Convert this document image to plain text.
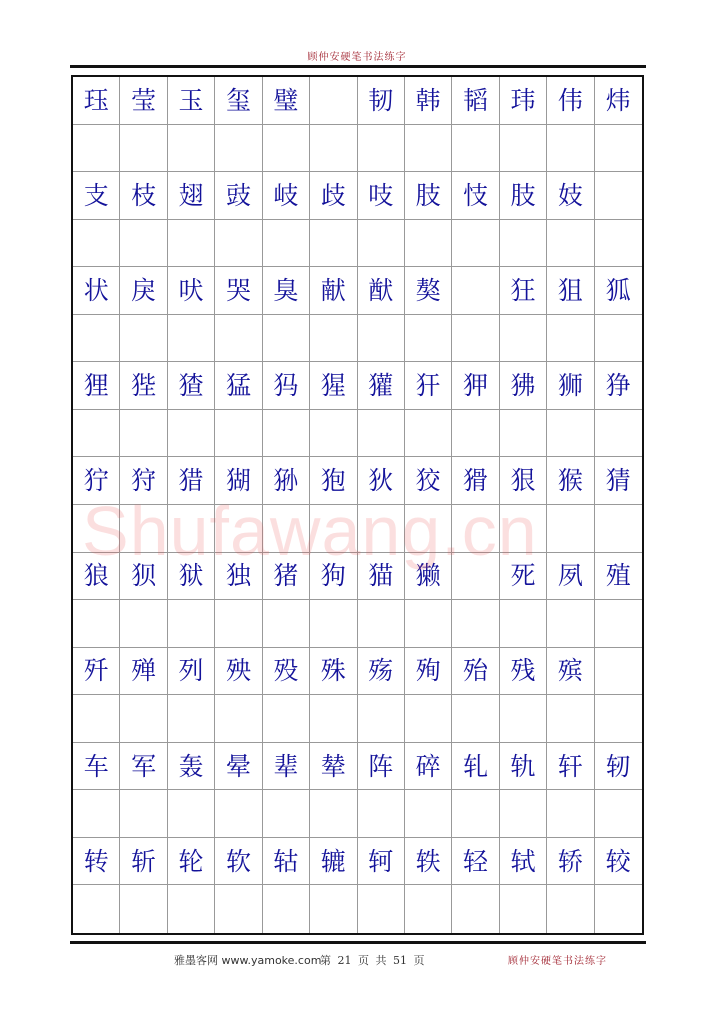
顾仲安硬笔书法练字
珏 莹 玉 玺 璧	韧 韩 韬 玮 伟 炜
支 枝 翅 豉 岐 歧 吱 肢 忮 肢 妓
状 戾 吠 哭 臭 献 猷 獒	狂 狙 狐
狸 狴 猹 猛 犸 猩 獾 犴 狎 狒 狮 狰
狞 狩 猎 猢 狲 狍 狄 狡 猾 狠 猴 猜
狼 狈 狱 独 猪 狗 猫 獭	死 夙 殖
歼 殚 列 殃 殁 殊 殇 殉 殆 残 殡
车 军 轰 晕 辈 辇 阵 碎 轧 轨 轩 轫
转 斩 轮 软 轱 辘 轲 轶 轻 轼 轿 较
Shufawang.cn
雅墨客网 www.yamoke.com
第 21 页 共 51 页	顾仲安硬笔书法练字
